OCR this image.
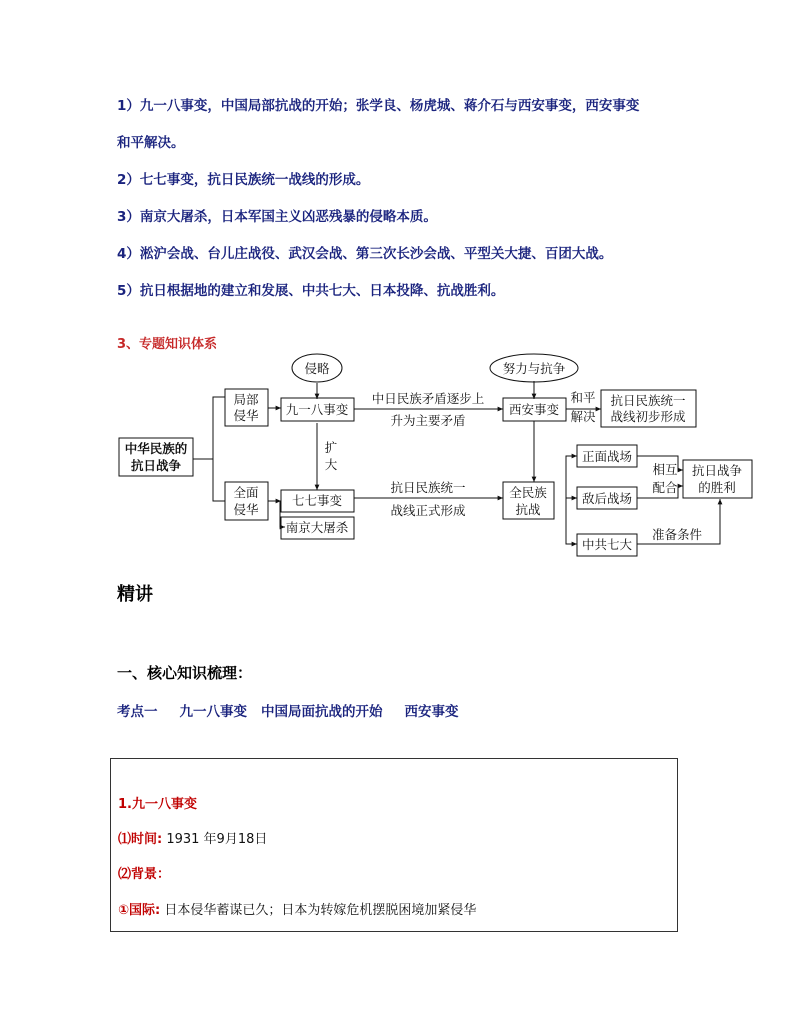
1）九一八事变，中国局部抗战的开始；张学良、杨虎城、蒋介石与西安事变，西安事变

和平解决。

2）七七事变，抗日民族统一战线的形成。

3）南京大屠杀，日本军国主义凶恶残暴的侵略本质。

4）淞沪会战、台儿庄战役、武汉会战、第三次长沙会战、平型关大捷、百团大战。

5）抗日根据地的建立和发展、中共七大、日本投降、抗战胜利。

3、专题知识体系

中华民族的
抗日战争
侵略	努力与抗争
局部
侵华
全面
侵华
九一八事变
七七事变
南京大屠杀
扩
大
中日民族矛盾逐步上
升为主要矛盾
西安事变
和平
解决
抗日民族统一
战线初步形成
抗日民族统一
战线正式形成
全民族
抗战
正面战场
敌后战场
相互
配合
抗日战争
的胜利
中共七大
准备条件

精讲

一、核心知识梳理：

考点一 九一八事变 中国局面抗战的开始 西安事变

1.九一八事变

⑴时间: 1931 年9月18日

⑵背景：

①国际: 日本侵华蓄谋已久；日本为转嫁危机摆脱困境加紧侵华
